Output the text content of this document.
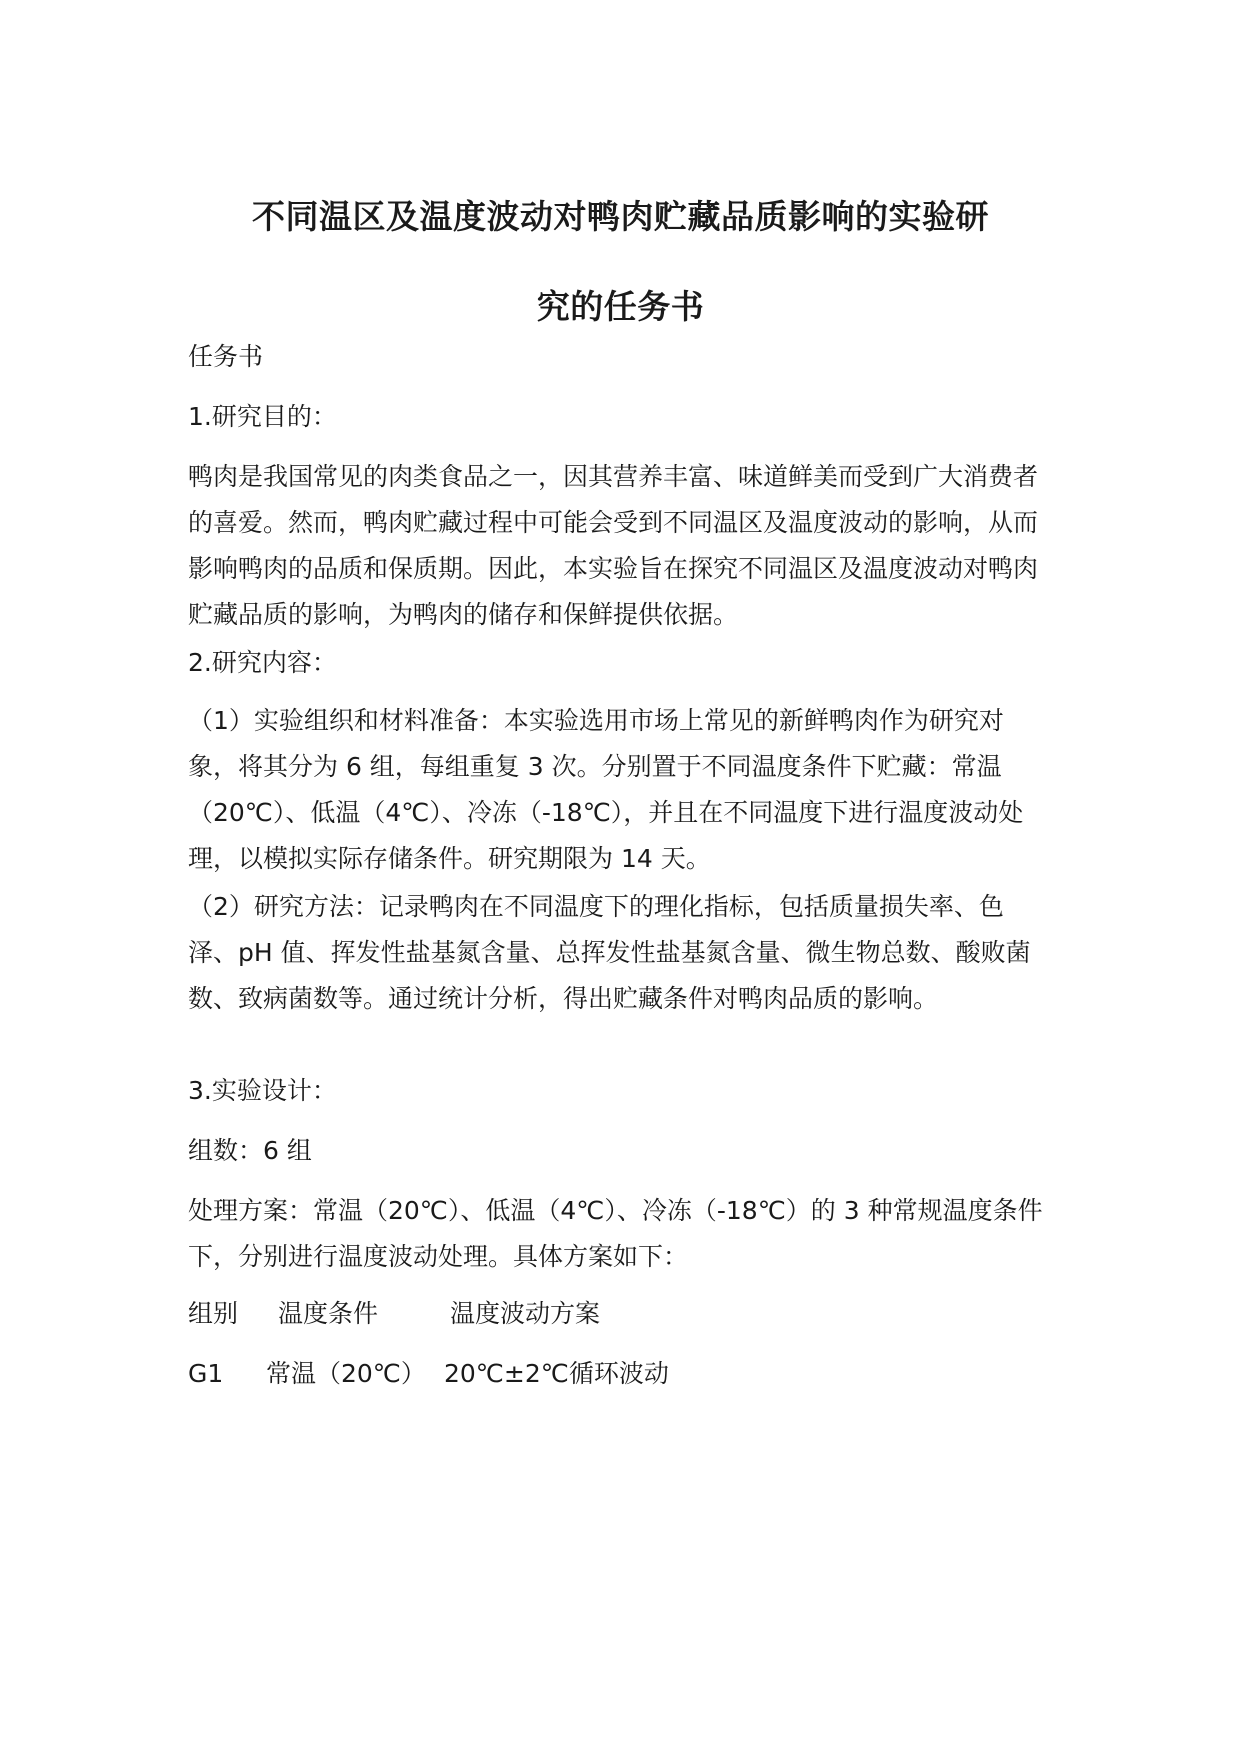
不同温区及温度波动对鸭肉贮藏品质影响的实验研
究的任务书

任务书

1.研究目的：

鸭肉是我国常见的肉类食品之一，因其营养丰富、味道鲜美而受到广大消费者的喜爱。然而，鸭肉贮藏过程中可能会受到不同温区及温度波动的影响，从而影响鸭肉的品质和保质期。因此，本实验旨在探究不同温区及温度波动对鸭肉贮藏品质的影响，为鸭肉的储存和保鲜提供依据。

2.研究内容：

（1）实验组织和材料准备：本实验选用市场上常见的新鲜鸭肉作为研究对象，将其分为 6 组，每组重复 3 次。分别置于不同温度条件下贮藏：常温（20℃）、低温（4℃）、冷冻（-18℃），并且在不同温度下进行温度波动处理，以模拟实际存储条件。研究期限为 14 天。

（2）研究方法：记录鸭肉在不同温度下的理化指标，包括质量损失率、色泽、pH 值、挥发性盐基氮含量、总挥发性盐基氮含量、微生物总数、酸败菌数、致病菌数等。通过统计分析，得出贮藏条件对鸭肉品质的影响。

3.实验设计：

组数：6 组

处理方案：常温（20℃）、低温（4℃）、冷冻（-18℃）的 3 种常规温度条件下，分别进行温度波动处理。具体方案如下：

组别 温度条件	温度波动方案
G1 常温（20℃） 20℃±2℃循环波动
